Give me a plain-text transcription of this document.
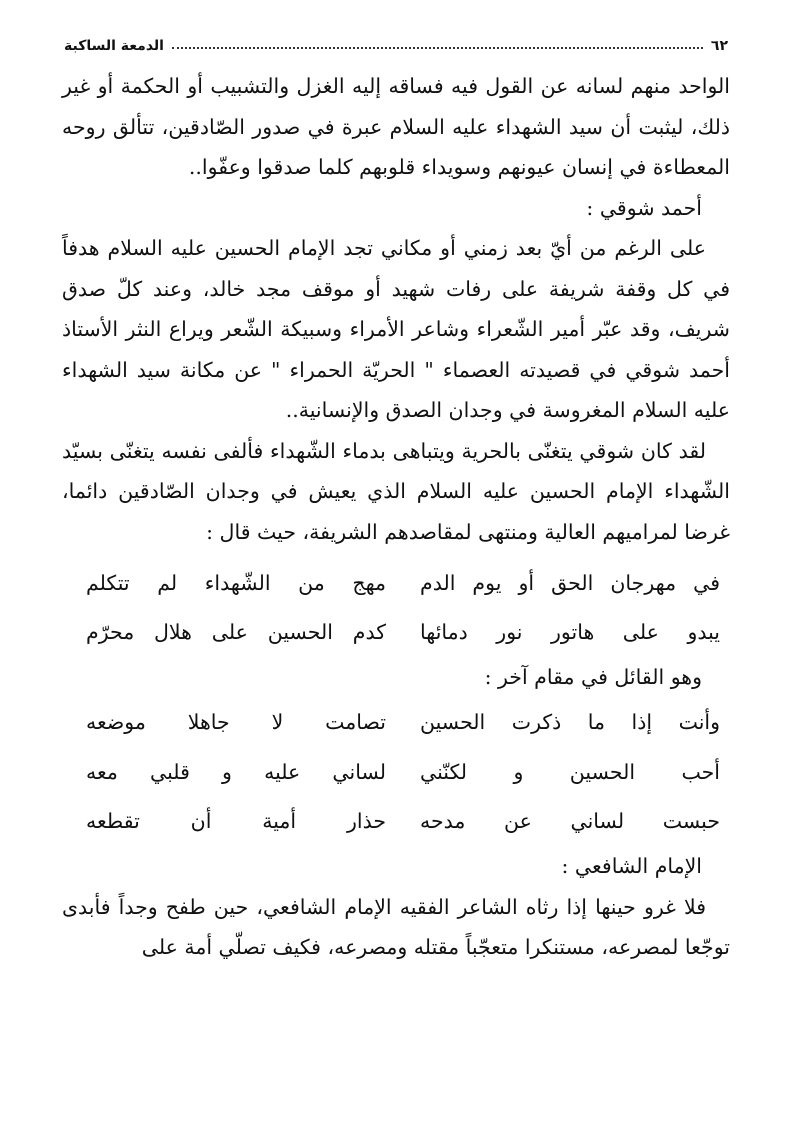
٦٢
الدمعة الساكبة

الواحد منهم لسانه عن القول فيه فساقه إليه الغزل والتشبيب أو الحكمة أو غير ذلك، ليثبت أن سيد الشهداء عليه السلام عبرة في صدور الصّادقين، تتألق روحه المعطاءة في إنسان عيونهم وسويداء قلوبهم كلما صدقوا وعفّوا..

أحمد شوقي :

على الرغم من أيّ بعد زمني أو مكاني تجد الإمام الحسين عليه السلام هدفاً في كل وقفة شريفة على رفات شهيد أو موقف مجد خالد، وعند كلّ صدق شريف، وقد عبّر أمير الشّعراء وشاعر الأمراء وسبيكة الشّعر ويراع النثر الأستاذ أحمد شوقي في قصيدته العصماء " الحريّة الحمراء " عن مكانة سيد الشهداء عليه السلام المغروسة في وجدان الصدق والإنسانية..

لقد كان شوقي يتغنّى بالحرية ويتباهى بدماء الشّهداء فألفى نفسه يتغنّى بسيّد الشّهداء الإمام الحسين عليه السلام الذي يعيش في وجدان الصّادقين دائما، غرضا لمراميهم العالية ومنتهى لمقاصدهم الشريفة، حيث قال :

في مهرجان الحق أو يوم الدم
مهج من الشّهداء لم تتكلم
يبدو على هاتور نور دمائها
كدم الحسين على هلال محرّم

وهو القائل في مقام آخر :

وأنت إذا ما ذكرت الحسين
تصامت لا جاهلا موضعه
أحب الحسين و لكنّني
لساني عليه و قلبي معه
حبست لساني عن مدحه
حذار أمية أن تقطعه

الإمام الشافعي :

فلا غرو حينها إذا رثاه الشاعر الفقيه الإمام الشافعي، حين طفح وجداً فأبدى توجّعا لمصرعه، مستنكرا متعجّباً مقتله ومصرعه، فكيف تصلّي أمة على
